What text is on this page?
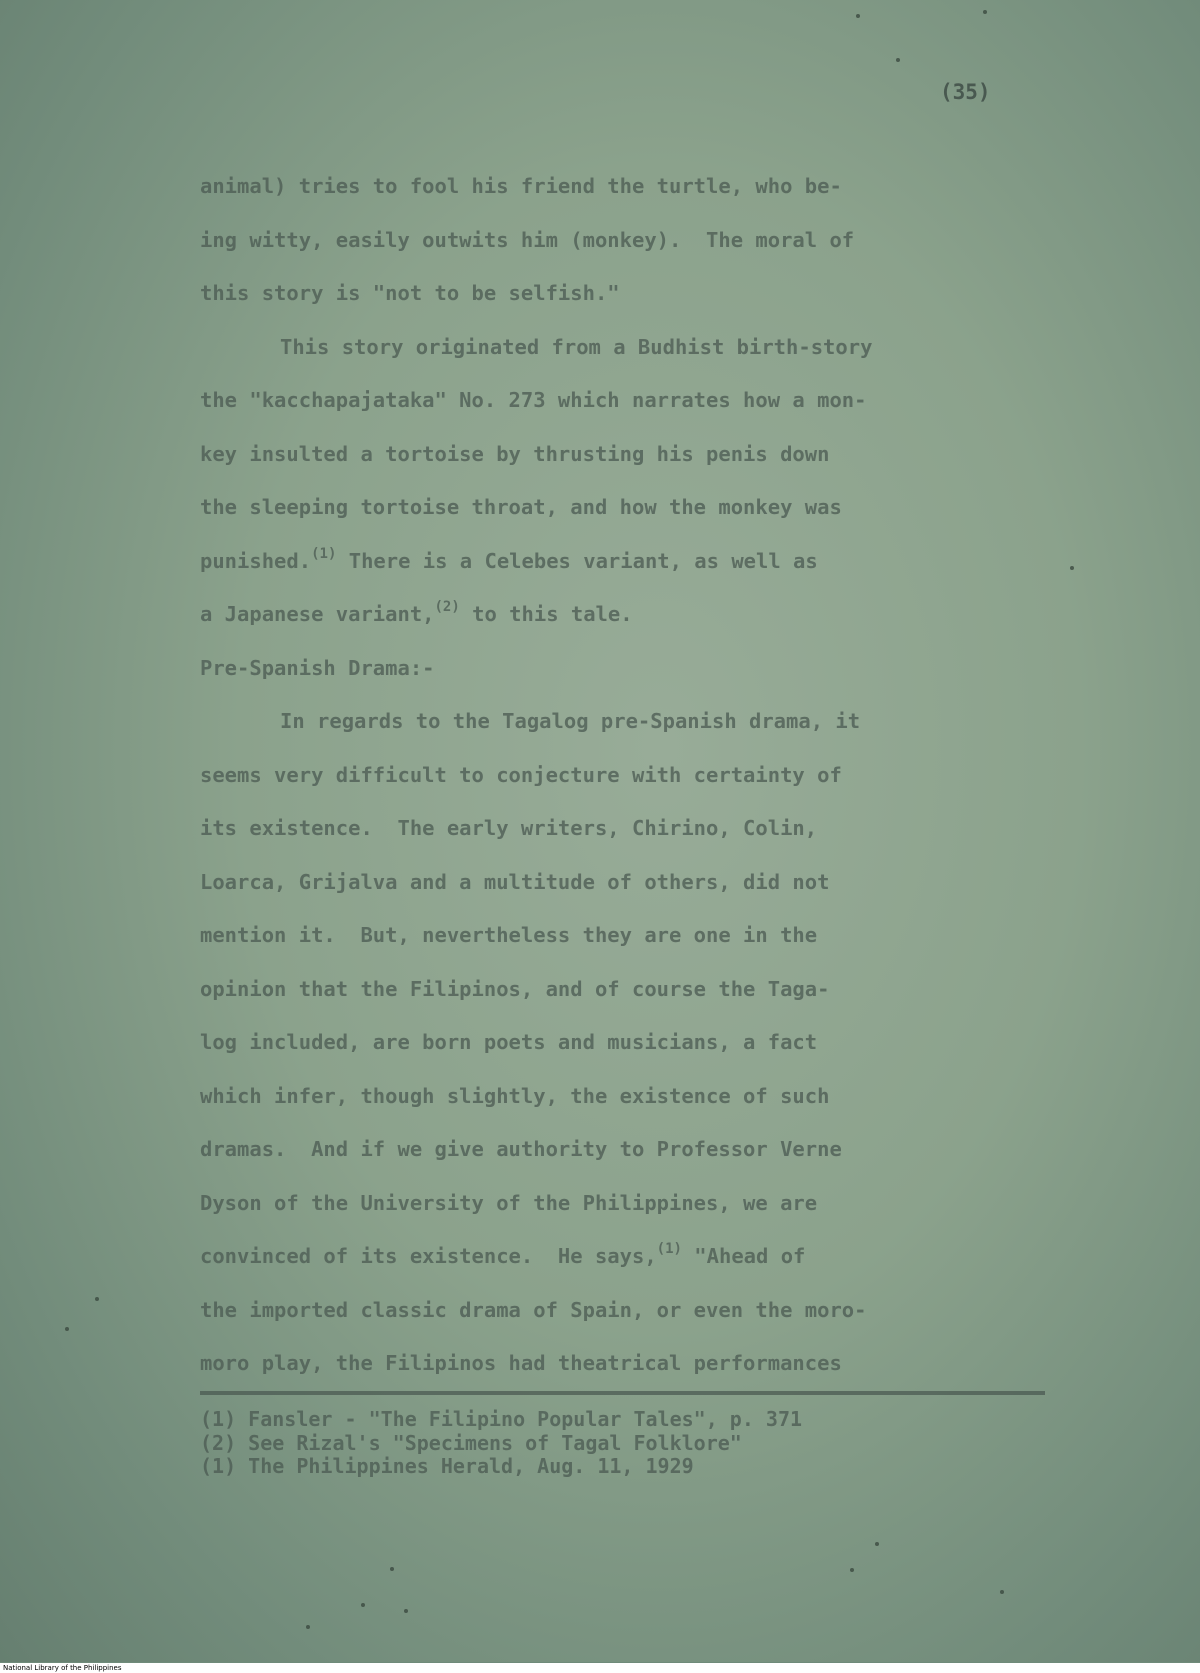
(35)
animal) tries to fool his friend the turtle, who be-
ing witty, easily outwits him (monkey).  The moral of
this story is "not to be selfish."
This story originated from a Budhist birth-story
the "kacchapajataka" No. 273 which narrates how a mon-
key insulted a tortoise by thrusting his penis down
the sleeping tortoise throat, and how the monkey was
punished.$^{(1)}$ There is a Celebes variant, as well as
a Japanese variant,$^{(2)}$ to this tale.
Pre-Spanish Drama:-
In regards to the Tagalog pre-Spanish drama, it
seems very difficult to conjecture with certainty of
its existence.  The early writers, Chirino, Colin,
Loarca, Grijalva and a multitude of others, did not
mention it.  But, nevertheless they are one in the
opinion that the Filipinos, and of course the Taga-
log included, are born poets and musicians, a fact
which infer, though slightly, the existence of such
dramas.  And if we give authority to Professor Verne
Dyson of the University of the Philippines, we are
convinced of its existence.  He says,$^{(1)}$ "Ahead of
the imported classic drama of Spain, or even the moro-
moro play, the Filipinos had theatrical performances
(1) Fansler - "The Filipino Popular Tales", p. 371
(2) See Rizal's "Specimens of Tagal Folklore"
(1) The Philippines Herald, Aug. 11, 1929
National Library of the Philippines
